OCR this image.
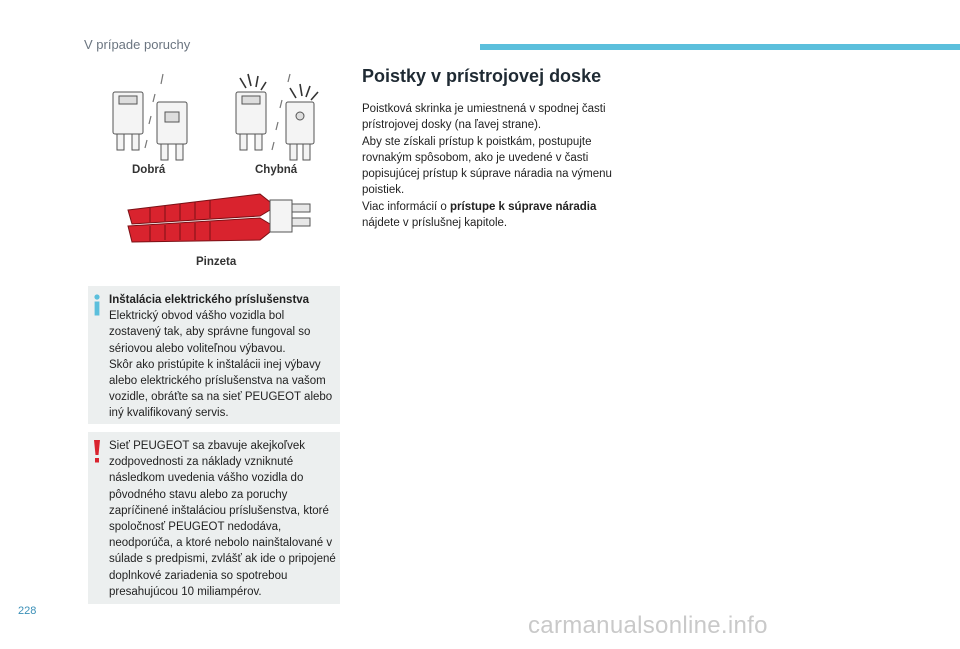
V prípade poruchy
Dobrá	Chybná
Pinzeta
Inštalácia elektrického príslušenstva
Elektrický obvod vášho vozidla bol zostavený tak, aby správne fungoval so sériovou alebo voliteľnou výbavou.
Skôr ako pristúpite k inštalácii inej výbavy alebo elektrického príslušenstva na vašom vozidle, obráťte sa na sieť PEUGEOT alebo iný kvalifikovaný servis.
Sieť PEUGEOT sa zbavuje akejkoľvek zodpovednosti za náklady vzniknuté následkom uvedenia vášho vozidla do pôvodného stavu alebo za poruchy zapríčinené inštaláciou príslušenstva, ktoré spoločnosť PEUGEOT nedodáva, neodporúča, a ktoré nebolo nainštalované v súlade s predpismi, zvlášť ak ide o pripojené doplnkové zariadenia so spotrebou presahujúcou 10 miliampérov.
Poistky v prístrojovej doske
Poistková skrinka je umiestnená v spodnej časti prístrojovej dosky (na ľavej strane).
Aby ste získali prístup k poistkám, postupujte rovnakým spôsobom, ako je uvedené v časti popisujúcej prístup k súprave náradia na výmenu poistiek.
Viac informácií o prístupe k súprave náradia nájdete v príslušnej kapitole.
228
carmanualsonline.info
